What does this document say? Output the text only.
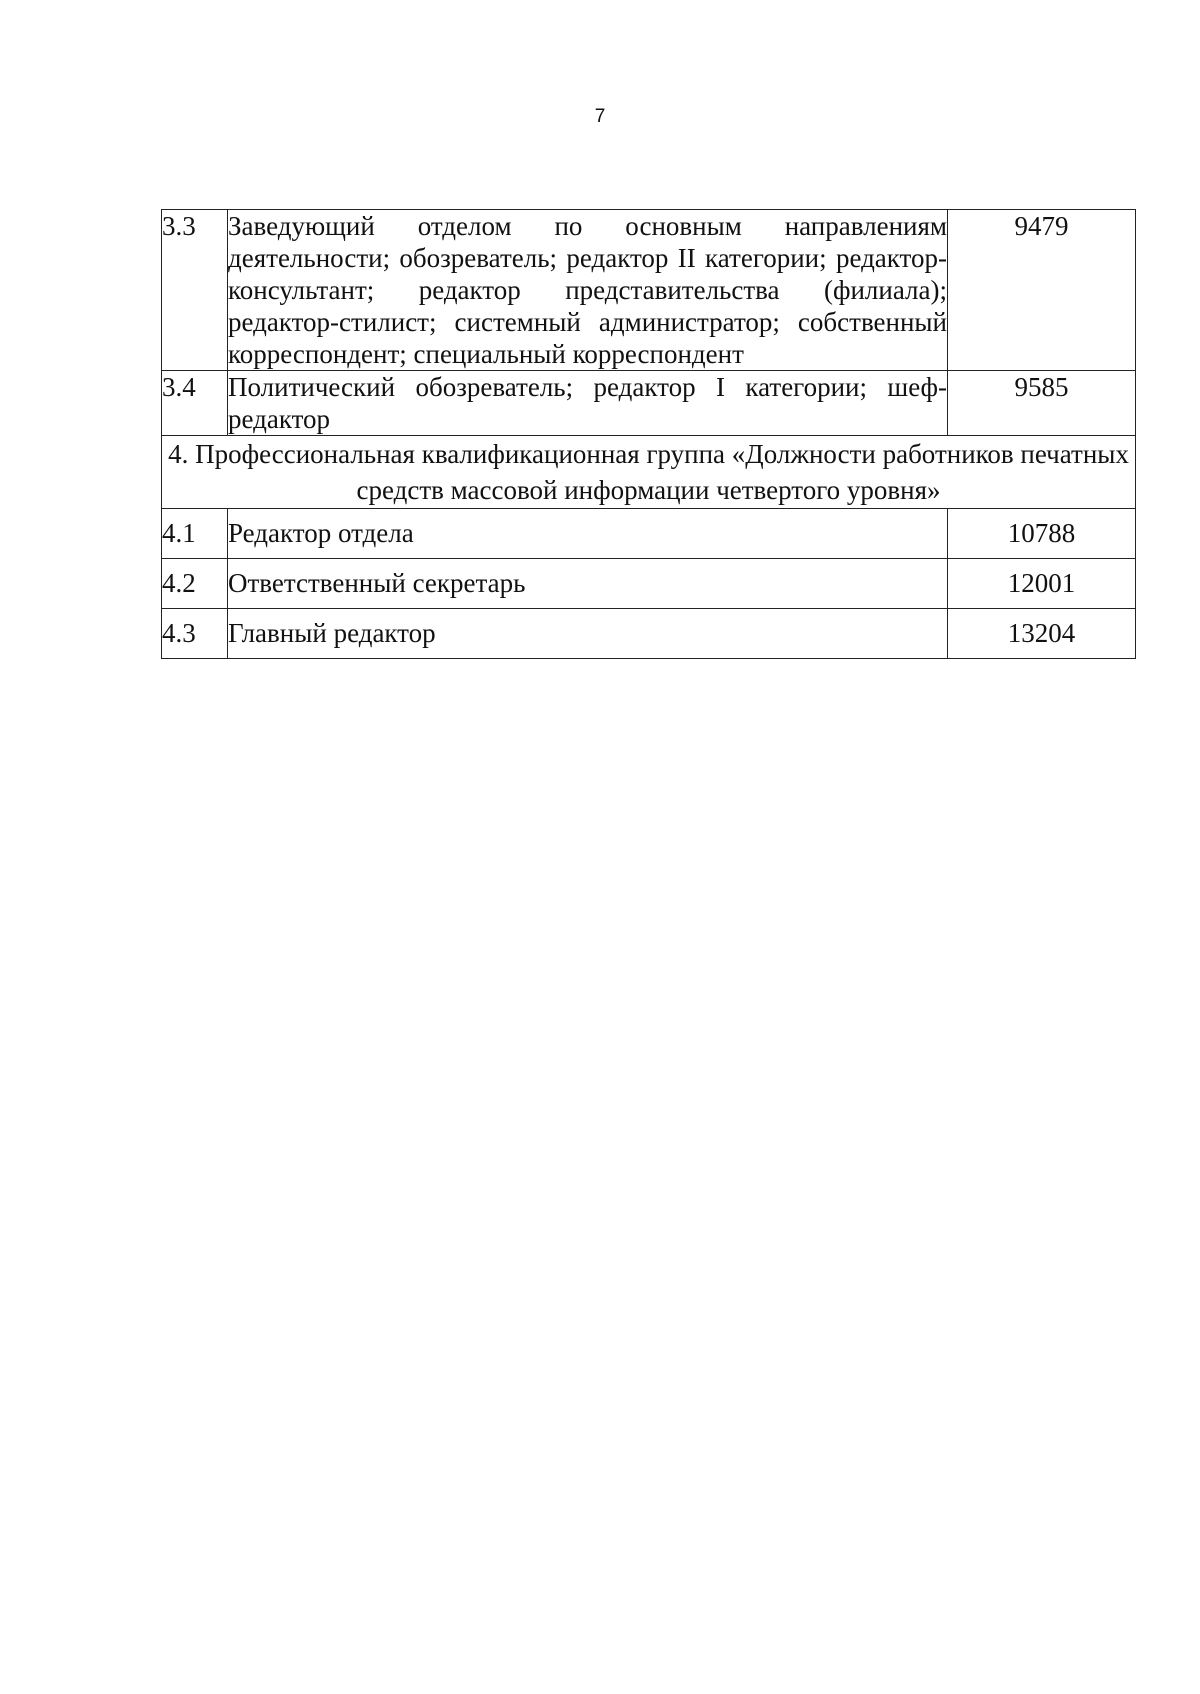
7
3.3	Заведующий отделом по основным направлениям деятельности; обозреватель; редактор II категории; редактор-консультант; редактор представительства (филиала); редактор-стилист; системный администратор; собственный корреспондент; специальный корреспондент	9479
3.4	Политический обозреватель; редактор I категории; шеф-редактор	9585
4. Профессиональная квалификационная группа «Должности работников печатных средств массовой информации четвертого уровня»		
4.1	Редактор отдела	10788
4.2	Ответственный секретарь	12001
4.3	Главный редактор	13204
